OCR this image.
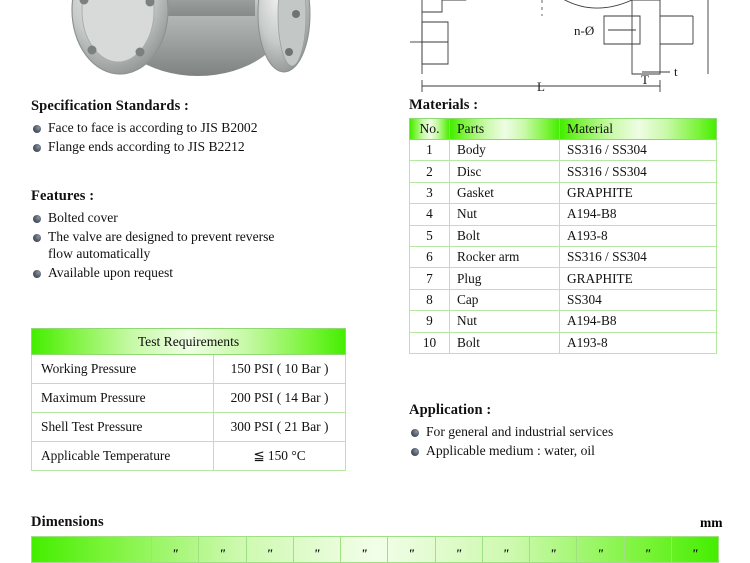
n-Ø
L
t
T
Specification Standards :
Face to face is according to JIS B2002
Flange ends according to JIS B2212
Features :
Bolted cover
The valve are designed to prevent reverse
flow automatically
Available upon request
Materials :
No.	Parts	Material
1	Body	SS316 / SS304
2	Disc	SS316 / SS304
3	Gasket	GRAPHITE
4	Nut	A194-B8
5	Bolt	A193-8
6	Rocker arm	SS316 / SS304
7	Plug	GRAPHITE
8	Cap	SS304
9	Nut	A194-B8
10	Bolt	A193-8
Test Requirements	
Working Pressure	150 PSI ( 10 Bar )
Maximum Pressure	200 PSI ( 14 Bar )
Shell Test Pressure	300 PSI ( 21 Bar )
Applicable Temperature	≦ 150 °C
Application :
For general and industrial services
Applicable medium : water, oil
Dimensions	mm
	"	"	"	"	"	"	"	"	"	"	"	"
